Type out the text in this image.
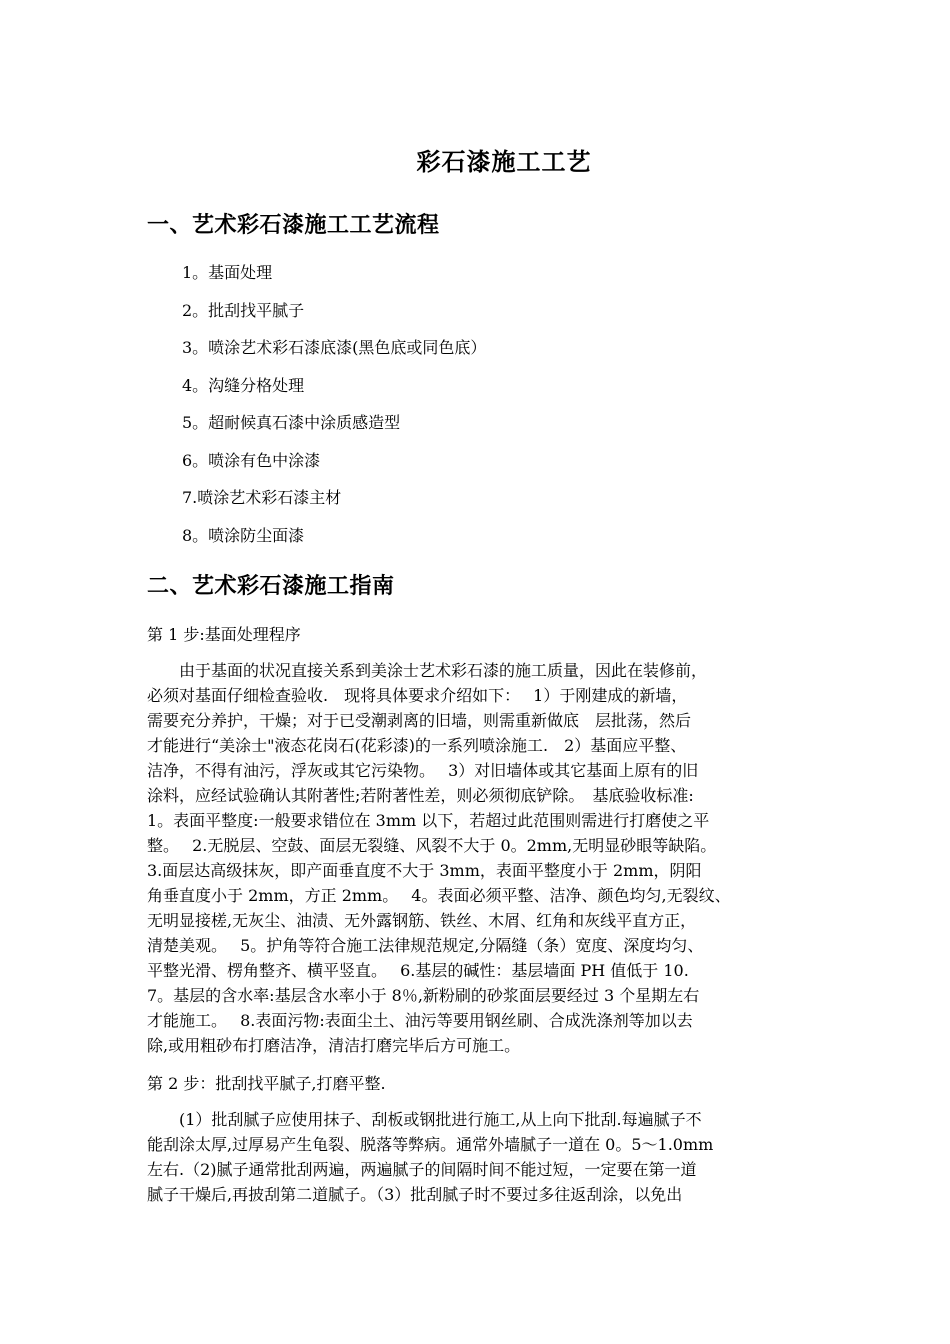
彩石漆施工工艺
一、艺术彩石漆施工工艺流程
1。基面处理
2。批刮找平腻子
3。喷涂艺术彩石漆底漆(黑色底或同色底）
4。沟缝分格处理
5。超耐候真石漆中涂质感造型
6。喷涂有色中涂漆
7.喷涂艺术彩石漆主材
8。喷涂防尘面漆
二、艺术彩石漆施工指南
第 1 步:基面处理程序
　　由于基面的状况直接关系到美涂士艺术彩石漆的施工质量，因此在装修前，
必须对基面仔细检查验收.　现将具体要求介绍如下：　 1）于刚建成的新墙，
需要充分养护，干燥；对于已受潮剥离的旧墙，则需重新做底　层批荡，然后
才能进行“美涂士"液态花岗石(花彩漆)的一系列喷涂施工.　2）基面应平整、
洁净，不得有油污，浮灰或其它污染物。　 3）对旧墙体或其它基面上原有的旧
涂料，应经试验确认其附著性;若附著性差，则必须彻底铲除。　基底验收标准:
1。表面平整度:一般要求错位在 3mm 以下，若超过此范围则需进行打磨使之平
整。　 2.无脱层、空鼓、面层无裂缝、风裂不大于 0。2mm,无明显砂眼等缺陷。
3.面层达高级抹灰，即产面垂直度不大于 3mm，表面平整度小于 2mm，阴阳
角垂直度小于 2mm，方正 2mm。　 4。表面必须平整、洁净、颜色均匀,无裂纹、
无明显接槎,无灰尘、油渍、无外露钢筋、铁丝、木屑、红角和灰线平直方正，
清楚美观。　 5。护角等符合施工法律规范规定,分隔缝（条）宽度、深度均匀、
平整光滑、楞角整齐、横平竖直。　 6.基层的碱性：基层墙面 PH 值低于 10.
7。基层的含水率:基层含水率小于 8％,新粉刷的砂浆面层要经过 3 个星期左右
才能施工。　 8.表面污物:表面尘土、油污等要用钢丝刷、合成洗涤剂等加以去
除,或用粗砂布打磨洁净，清洁打磨完毕后方可施工。
第 2 步：批刮找平腻子,打磨平整.
　　(1）批刮腻子应使用抹子、刮板或钢批进行施工,从上向下批刮.每遍腻子不
能刮涂太厚,过厚易产生龟裂、脱落等弊病。通常外墙腻子一道在 0。5～1.0mm
左右.（2)腻子通常批刮两遍，两遍腻子的间隔时间不能过短，一定要在第一道
腻子干燥后,再披刮第二道腻子。（3）批刮腻子时不要过多往返刮涂，以免出
